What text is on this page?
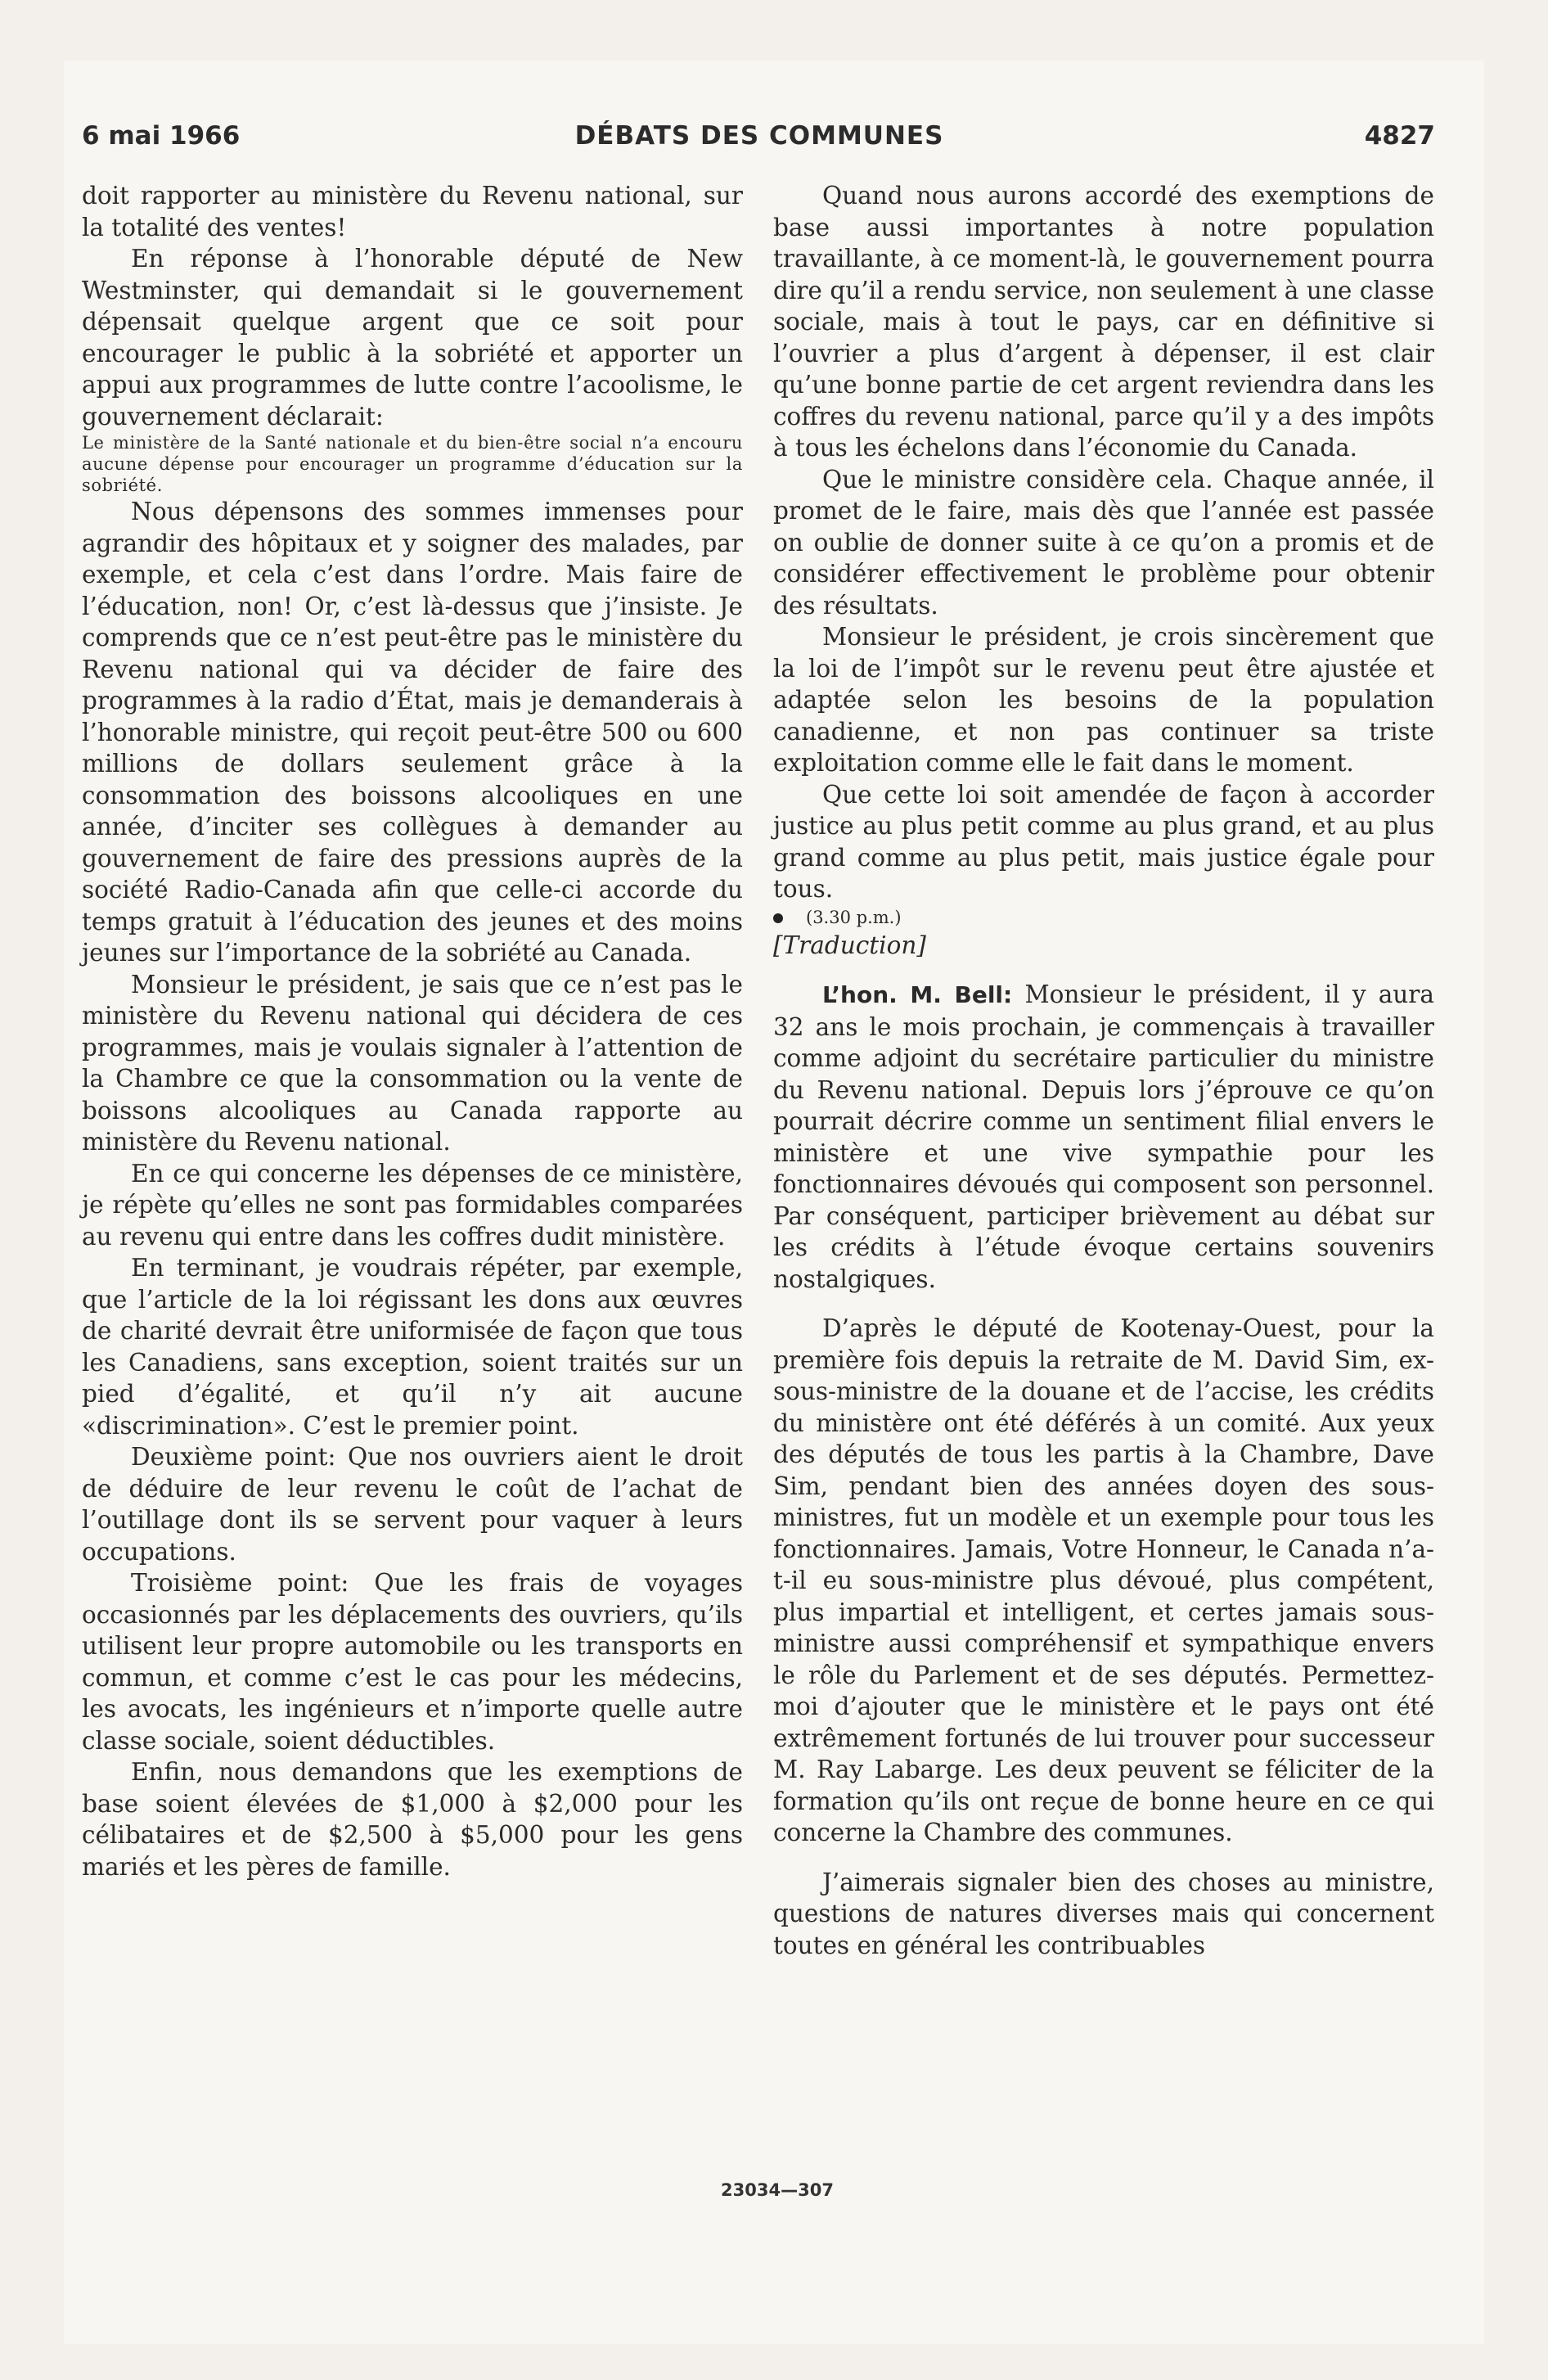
6 mai 1966	DÉBATS DES COMMUNES	4827

doit rapporter au ministère du Revenu national, sur la totalité des ventes!

En réponse à l’honorable député de New Westminster, qui demandait si le gouvernement dépensait quelque argent que ce soit pour encourager le public à la sobriété et apporter un appui aux programmes de lutte contre l’acoolisme, le gouvernement déclarait:

Le ministère de la Santé nationale et du bien-être social n’a encouru aucune dépense pour encourager un programme d’éducation sur la sobriété.

Nous dépensons des sommes immenses pour agrandir des hôpitaux et y soigner des malades, par exemple, et cela c’est dans l’ordre. Mais faire de l’éducation, non! Or, c’est là-dessus que j’insiste. Je comprends que ce n’est peut-être pas le ministère du Revenu national qui va décider de faire des programmes à la radio d’État, mais je demanderais à l’honorable ministre, qui reçoit peut-être 500 ou 600 millions de dollars seulement grâce à la consommation des boissons alcooliques en une année, d’inciter ses collègues à demander au gouvernement de faire des pressions auprès de la société Radio-Canada afin que celle-ci accorde du temps gratuit à l’éducation des jeunes et des moins jeunes sur l’importance de la sobriété au Canada.

Monsieur le président, je sais que ce n’est pas le ministère du Revenu national qui décidera de ces programmes, mais je voulais signaler à l’attention de la Chambre ce que la consommation ou la vente de boissons alcooliques au Canada rapporte au ministère du Revenu national.

En ce qui concerne les dépenses de ce ministère, je répète qu’elles ne sont pas formidables comparées au revenu qui entre dans les coffres dudit ministère.

En terminant, je voudrais répéter, par exemple, que l’article de la loi régissant les dons aux œuvres de charité devrait être uniformisée de façon que tous les Canadiens, sans exception, soient traités sur un pied d’égalité, et qu’il n’y ait aucune «discrimination». C’est le premier point.

Deuxième point: Que nos ouvriers aient le droit de déduire de leur revenu le coût de l’achat de l’outillage dont ils se servent pour vaquer à leurs occupations.

Troisième point: Que les frais de voyages occasionnés par les déplacements des ouvriers, qu’ils utilisent leur propre automobile ou les transports en commun, et comme c’est le cas pour les médecins, les avocats, les ingénieurs et n’importe quelle autre classe sociale, soient déductibles.

Enfin, nous demandons que les exemptions de base soient élevées de $1,000 à $2,000 pour les célibataires et de $2,500 à $5,000 pour les gens mariés et les pères de famille.

Quand nous aurons accordé des exemptions de base aussi importantes à notre population travaillante, à ce moment-là, le gouvernement pourra dire qu’il a rendu service, non seulement à une classe sociale, mais à tout le pays, car en définitive si l’ouvrier a plus d’argent à dépenser, il est clair qu’une bonne partie de cet argent reviendra dans les coffres du revenu national, parce qu’il y a des impôts à tous les échelons dans l’économie du Canada.

Que le ministre considère cela. Chaque année, il promet de le faire, mais dès que l’année est passée on oublie de donner suite à ce qu’on a promis et de considérer effectivement le problème pour obtenir des résultats.

Monsieur le président, je crois sincèrement que la loi de l’impôt sur le revenu peut être ajustée et adaptée selon les besoins de la population canadienne, et non pas continuer sa triste exploitation comme elle le fait dans le moment.

Que cette loi soit amendée de façon à accorder justice au plus petit comme au plus grand, et au plus grand comme au plus petit, mais justice égale pour tous.

(3.30 p.m.)

[Traduction]

L’hon. M. Bell: Monsieur le président, il y aura 32 ans le mois prochain, je commençais à travailler comme adjoint du secrétaire particulier du ministre du Revenu national. Depuis lors j’éprouve ce qu’on pourrait décrire comme un sentiment filial envers le ministère et une vive sympathie pour les fonctionnaires dévoués qui composent son personnel. Par conséquent, participer brièvement au débat sur les crédits à l’étude évoque certains souvenirs nostalgiques.

D’après le député de Kootenay-Ouest, pour la première fois depuis la retraite de M. David Sim, ex-sous-ministre de la douane et de l’accise, les crédits du ministère ont été déférés à un comité. Aux yeux des députés de tous les partis à la Chambre, Dave Sim, pendant bien des années doyen des sous-ministres, fut un modèle et un exemple pour tous les fonctionnaires. Jamais, Votre Honneur, le Canada n’a-t-il eu sous-ministre plus dévoué, plus compétent, plus impartial et intelligent, et certes jamais sous-ministre aussi compréhensif et sympathique envers le rôle du Parlement et de ses députés. Permettez-moi d’ajouter que le ministère et le pays ont été extrêmement fortunés de lui trouver pour successeur M. Ray Labarge. Les deux peuvent se féliciter de la formation qu’ils ont reçue de bonne heure en ce qui concerne la Chambre des communes.

J’aimerais signaler bien des choses au ministre, questions de natures diverses mais qui concernent toutes en général les contribuables

23034—307
